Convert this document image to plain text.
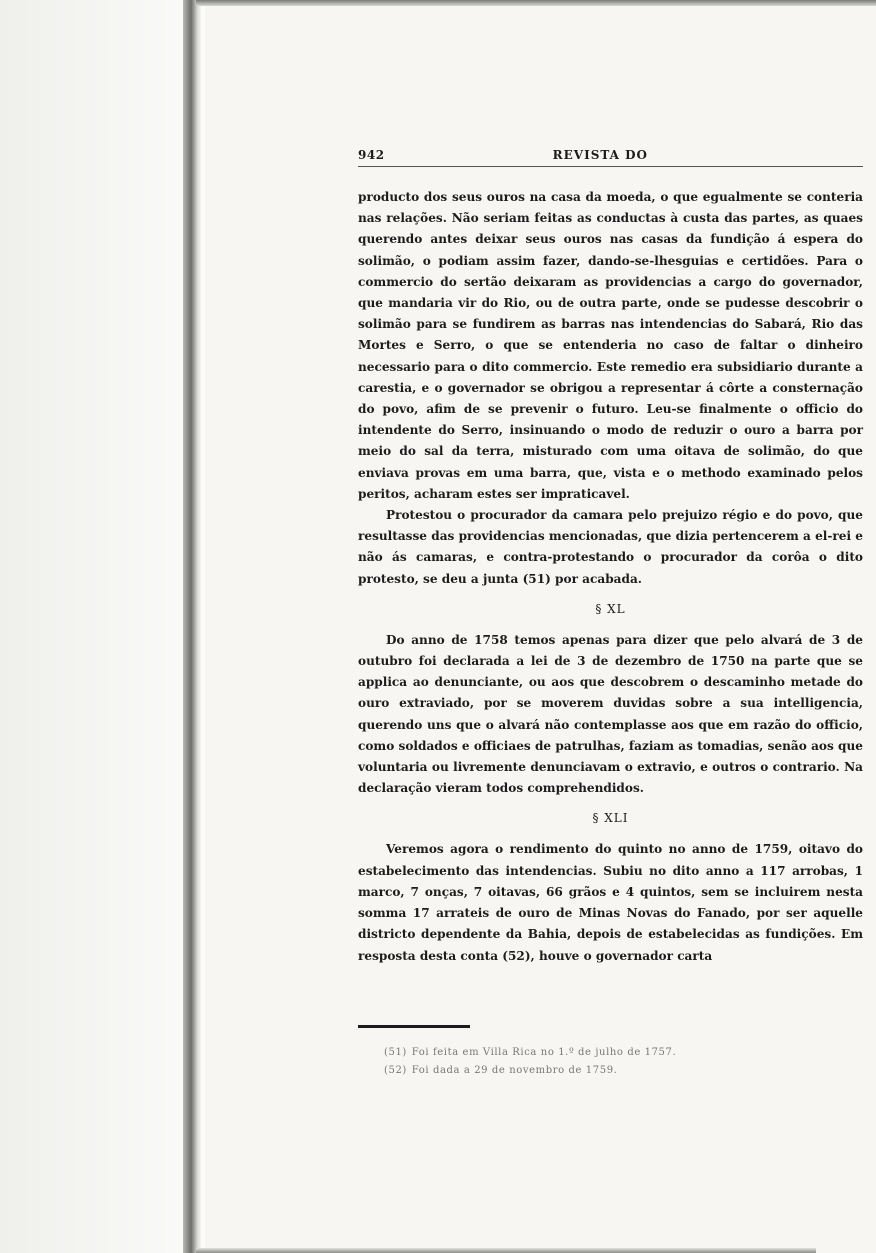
942	REVISTA DO

producto dos seus ouros na casa da moeda, o que egualmente se conteria nas relações. Não seriam feitas as conductas à custa das partes, as quaes querendo antes deixar seus ouros nas casas da fundição á espera do solimão, o podiam assim fazer, dando-se-lhesguias e certidões. Para o commercio do sertão deixaram as providencias a cargo do governador, que mandaria vir do Rio, ou de outra parte, onde se pudesse descobrir o solimão para se fundirem as barras nas intendencias do Sabará, Rio das Mortes e Serro, o que se entenderia no caso de faltar o dinheiro necessario para o dito commercio. Este remedio era subsidiario durante a carestia, e o governador se obrigou a representar á côrte a consternação do povo, afim de se prevenir o futuro. Leu-se finalmente o officio do intendente do Serro, insinuando o modo de reduzir o ouro a barra por meio do sal da terra, misturado com uma oitava de solimão, do que enviava provas em uma barra, que, vista e o methodo examinado pelos peritos, acharam estes ser impraticavel.

Protestou o procurador da camara pelo prejuizo régio e do povo, que resultasse das providencias mencionadas, que dizia pertencerem a el-rei e não ás camaras, e contra-protestando o procurador da corôa o dito protesto, se deu a junta (51) por acabada.

§ XL

Do anno de 1758 temos apenas para dizer que pelo alvará de 3 de outubro foi declarada a lei de 3 de dezembro de 1750 na parte que se applica ao denunciante, ou aos que descobrem o descaminho metade do ouro extraviado, por se moverem duvidas sobre a sua intelligencia, querendo uns que o alvará não contemplasse aos que em razão do officio, como soldados e officiaes de patrulhas, faziam as tomadias, senão aos que voluntaria ou livremente denunciavam o extravio, e outros o contrario. Na declaração vieram todos comprehendidos.

§ XLI

Veremos agora o rendimento do quinto no anno de 1759, oitavo do estabelecimento das intendencias. Subiu no dito anno a 117 arrobas, 1 marco, 7 onças, 7 oitavas, 66 grãos e 4 quintos, sem se incluirem nesta somma 17 arrateis de ouro de Minas Novas do Fanado, por ser aquelle districto dependente da Bahia, depois de estabelecidas as fundições. Em resposta desta conta (52), houve o governador carta

(51) Foi feita em Villa Rica no 1.º de julho de 1757.
(52) Foi dada a 29 de novembro de 1759.
